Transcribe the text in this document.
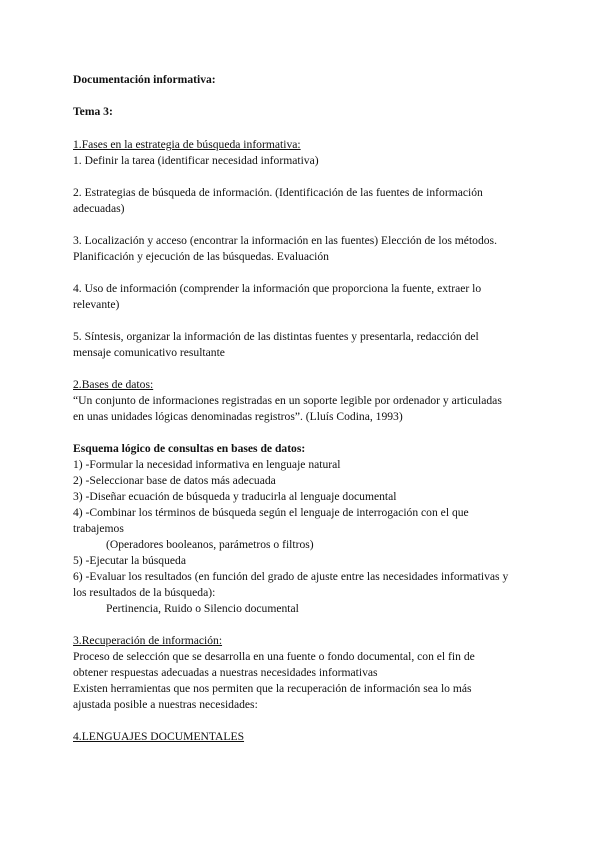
Documentación informativa:
Tema 3:
1.Fases en la estrategia de búsqueda informativa:
1. Definir la tarea (identificar necesidad informativa)
2. Estrategias de búsqueda de información. (Identificación de las fuentes de información
adecuadas)
3. Localización y acceso (encontrar la información en las fuentes) Elección de los métodos.
Planificación y ejecución de las búsquedas. Evaluación
4. Uso de información (comprender la información que proporciona la fuente, extraer lo
relevante)
5. Síntesis, organizar la información de las distintas fuentes y presentarla, redacción del
mensaje comunicativo resultante
2.Bases de datos:
“Un conjunto de informaciones registradas en un soporte legible por ordenador y articuladas
en unas unidades lógicas denominadas registros”. (Lluís Codina, 1993)
Esquema lógico de consultas en bases de datos:
1) -Formular la necesidad informativa en lenguaje natural
2) -Seleccionar base de datos más adecuada
3) -Diseñar ecuación de búsqueda y traducirla al lenguaje documental
4) -Combinar los términos de búsqueda según el lenguaje de interrogación con el que
trabajemos
(Operadores booleanos, parámetros o filtros)
5) -Ejecutar la búsqueda
6) -Evaluar los resultados (en función del grado de ajuste entre las necesidades informativas y
los resultados de la búsqueda):
Pertinencia, Ruido o Silencio documental
3.Recuperación de información:
Proceso de selección que se desarrolla en una fuente o fondo documental, con el fin de
obtener respuestas adecuadas a nuestras necesidades informativas
Existen herramientas que nos permiten que la recuperación de información sea lo más
ajustada posible a nuestras necesidades:
4.LENGUAJES DOCUMENTALES
